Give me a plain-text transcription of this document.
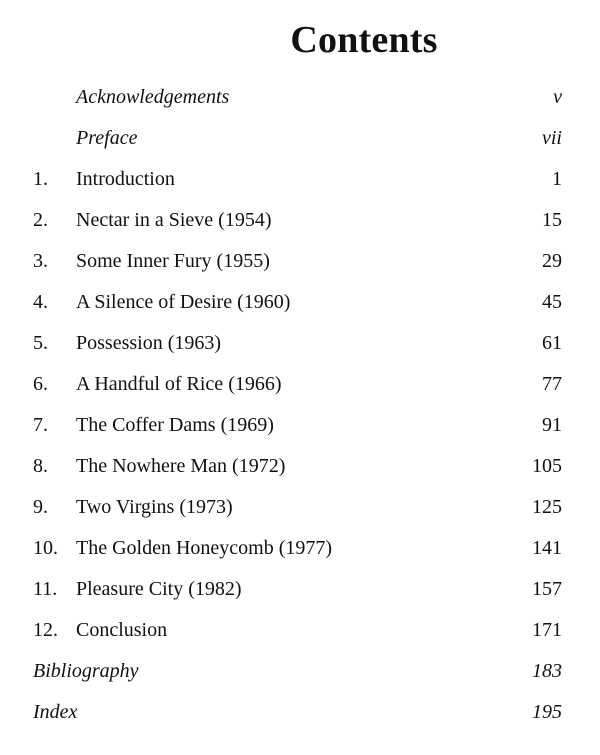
Contents
Acknowledgements	v
Preface	vii
1. Introduction	1
2. Nectar in a Sieve (1954)	15
3. Some Inner Fury (1955)	29
4. A Silence of Desire (1960)	45
5. Possession (1963)	61
6. A Handful of Rice (1966)	77
7. The Coffer Dams (1969)	91
8. The Nowhere Man (1972)	105
9. Two Virgins (1973)	125
10. The Golden Honeycomb (1977)	141
11. Pleasure City (1982)	157
12. Conclusion	171
Bibliography	183
Index	195
